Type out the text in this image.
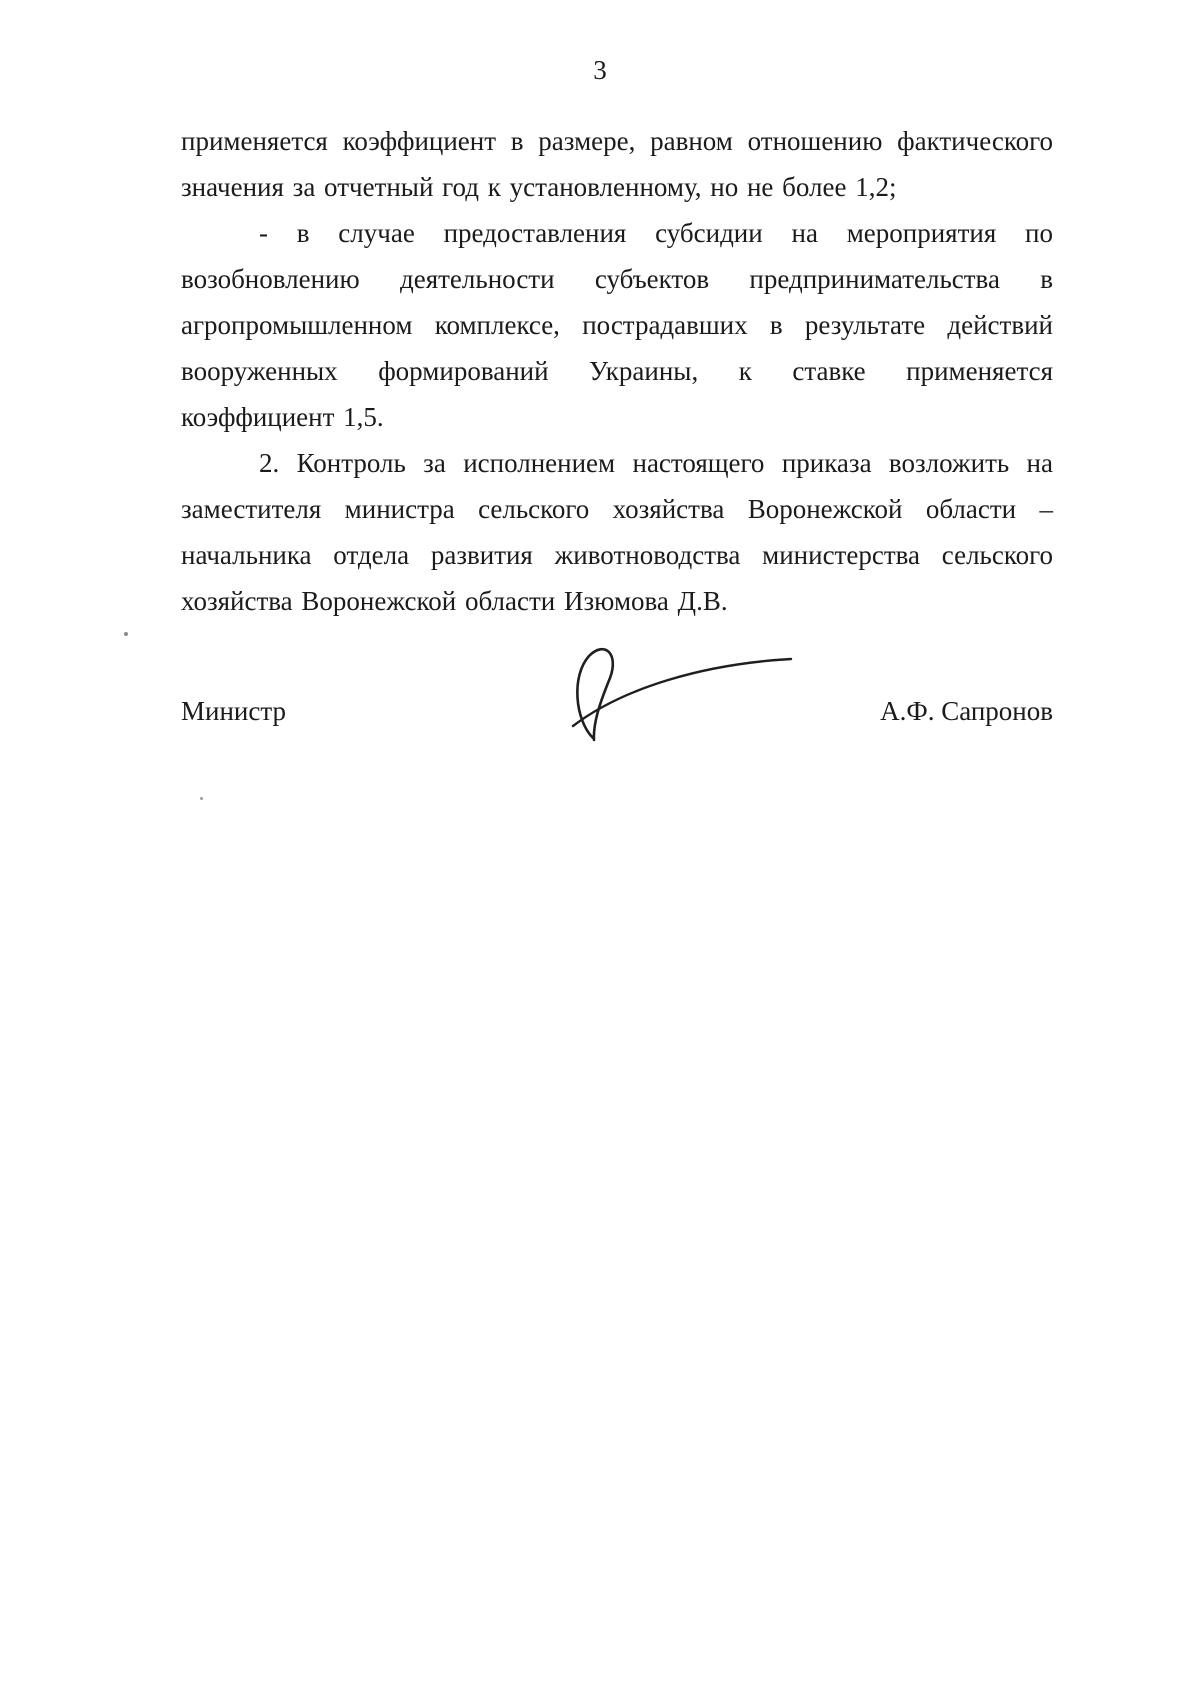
3

применяется коэффициент в размере, равном отношению фактического значения за отчетный год к установленному, но не более 1,2;

- в случае предоставления субсидии на мероприятия по возобновлению деятельности субъектов предпринимательства в агропромышленном комплексе, пострадавших в результате действий вооруженных формирований Украины, к ставке применяется коэффициент 1,5.

2. Контроль за исполнением настоящего приказа возложить на заместителя министра сельского хозяйства Воронежской области – начальника отдела развития животноводства министерства сельского хозяйства Воронежской области Изюмова Д.В.

Министр	А.Ф. Сапронов
